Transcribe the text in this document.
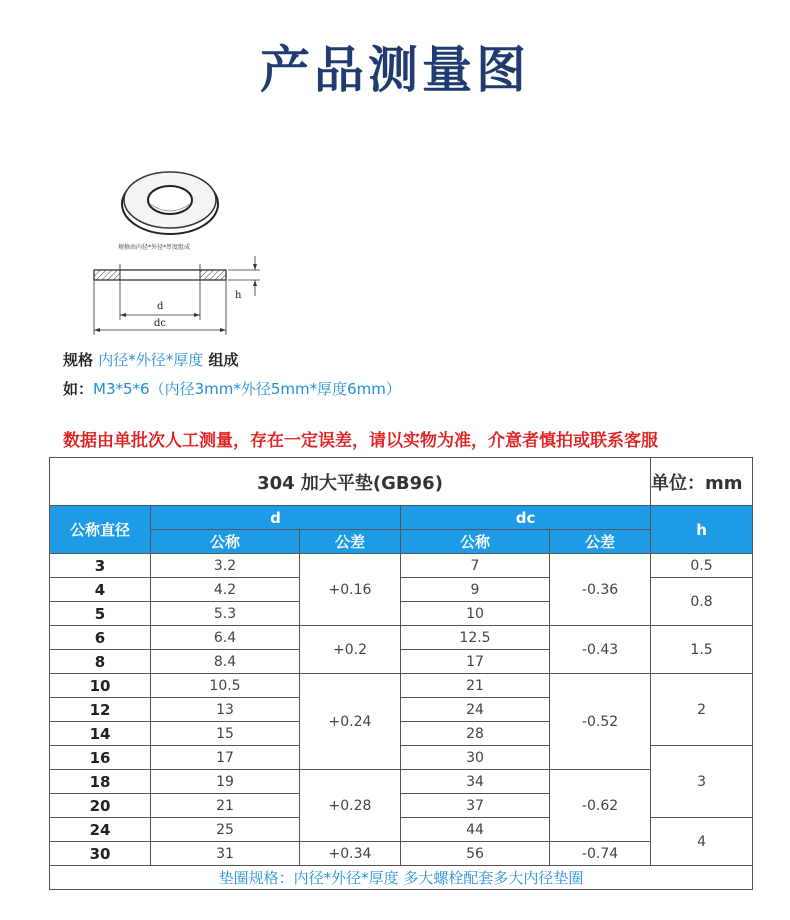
产品测量图
规格由内径*外径*厚度组成
d
dc
h
规格 内径*外径*厚度 组成
如：M3*5*6（内径3mm*外径5mm*厚度6mm）
数据由单批次人工测量，存在一定误差，请以实物为准，介意者慎拍或联系客服
304 加大平垫(GB96)					单位：mm
公称直径	d		dc		h
	公称	公差	公称	公差	
3	3.2	+0.16	7	-0.36	0.5
4	4.2		9		0.8
5	5.3		10		
6	6.4	+0.2	12.5	-0.43	1.5
8	8.4		17		
10	10.5	+0.24	21	-0.52	2
12	13		24		
14	15		28		
16	17		30		3
18	19	+0.28	34	-0.62	
20	21		37		
24	25		44		4
30	31	+0.34	56	-0.74	
垫圈规格：内径*外径*厚度 多大螺栓配套多大内径垫圈					
